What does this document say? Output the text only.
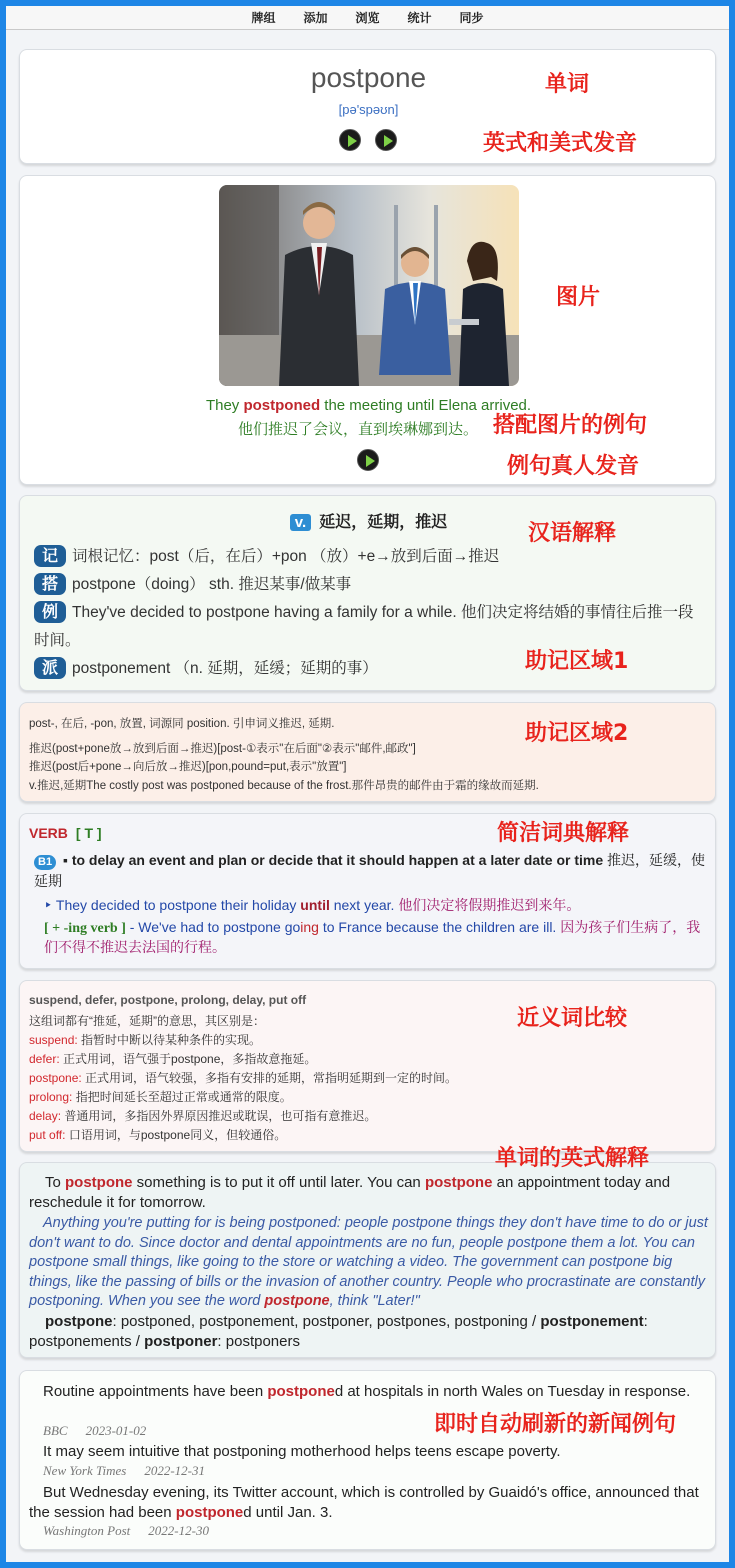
牌组 添加 浏览 统计 同步
postpone
[pə'spəʊn]
单词
英式和美式发音
They postponed the meeting until Elena arrived.
他们推迟了会议，直到埃琳娜到达。
图片
搭配图片的例句
例句真人发音
v. 延迟，延期，推迟
记 词根记忆：post（后，在后）+pon （放）+e→放到后面→推迟
搭 postpone（doing） sth. 推迟某事/做某事
例 They've decided to postpone having a family for a while. 他们决定将结婚的事情往后推一段时间。
派 postponement （n. 延期，延缓；延期的事）
汉语解释
助记区域1
post-, 在后, -pon, 放置, 词源同 position. 引申词义推迟, 延期.
推迟(post+pone放→放到后面→推迟)[post-①表示"在后面"②表示"邮件,邮政"]
推迟(post后+pone→向后放→推迟)[pon,pound=put,表示"放置"]
v.推迟,延期The costly post was postponed because of the frost.那件昂贵的邮件由于霜的缘故而延期.
助记区域2
VERB [ T ]
B1 ▪ to delay an event and plan or decide that it should happen at a later date or time 推迟，延缓，使延期
‣ They decided to postpone their holiday until next year. 他们决定将假期推迟到来年。
[ + -ing verb ] - We've had to postpone going to France because the children are ill. 因为孩子们生病了，我们不得不推迟去法国的行程。
简洁词典解释
suspend, defer, postpone, prolong, delay, put off
这组词都有“推延，延期”的意思，其区别是：
suspend: 指暂时中断以待某种条件的实现。
defer: 正式用词，语气强于postpone，多指故意拖延。
postpone: 正式用词，语气较强，多指有安排的延期，常指明延期到一定的时间。
prolong: 指把时间延长至超过正常或通常的限度。
delay: 普通用词，多指因外界原因推迟或耽误，也可指有意推迟。
put off: 口语用词，与postpone同义，但较通俗。
近义词比较
To postpone something is to put it off until later. You can postpone an appointment today and reschedule it for tomorrow.
Anything you're putting for is being postponed: people postpone things they don't have time to do or just don't want to do. Since doctor and dental appointments are no fun, people postpone them a lot. You can postpone small things, like going to the store or watching a video. The government can postpone big things, like the passing of bills or the invasion of another country. People who procrastinate are constantly postponing. When you see the word postpone, think "Later!"
postpone: postponed, postponement, postponer, postpones, postponing / postponement: postponements / postponer: postponers
单词的英式解释
Routine appointments have been postponed at hospitals in north Wales on Tuesday in response.
BBC 2023-01-02
It may seem intuitive that postponing motherhood helps teens escape poverty.
New York Times 2022-12-31
But Wednesday evening, its Twitter account, which is controlled by Guaidó's office, announced that the session had been postponed until Jan. 3.
Washington Post 2022-12-30
即时自动刷新的新闻例句
